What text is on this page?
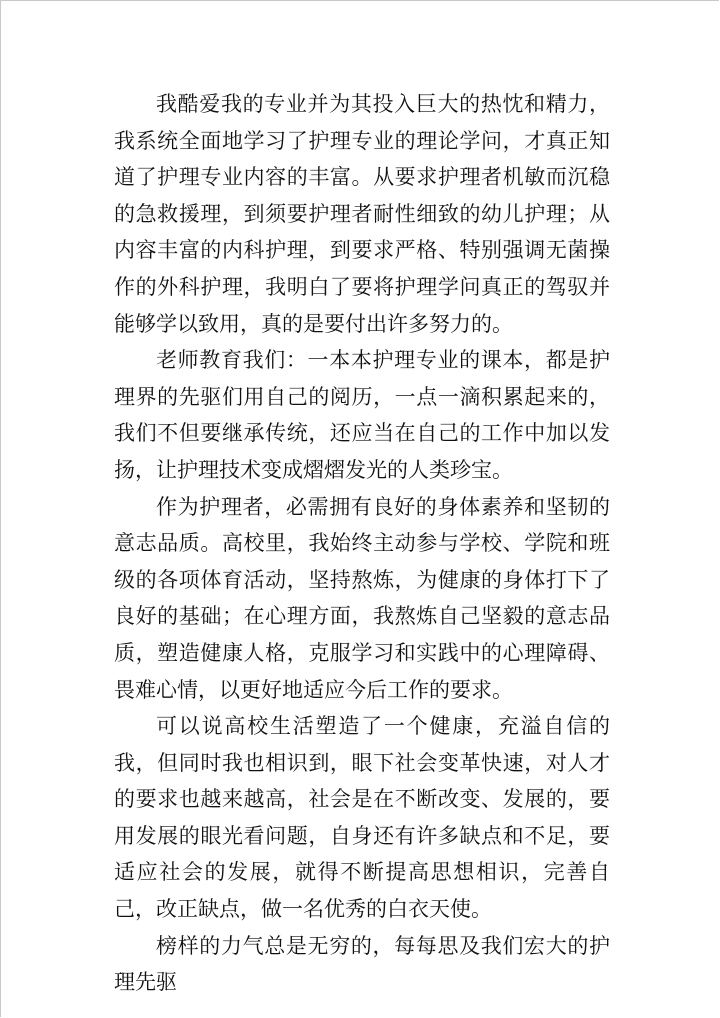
我酷爱我的专业并为其投入巨大的热忱和精力，我系统全面地学习了护理专业的理论学问，才真正知道了护理专业内容的丰富。从要求护理者机敏而沉稳的急救援理，到须要护理者耐性细致的幼儿护理；从内容丰富的内科护理，到要求严格、特别强调无菌操作的外科护理，我明白了要将护理学问真正的驾驭并能够学以致用，真的是要付出许多努力的。

老师教育我们：一本本护理专业的课本，都是护理界的先驱们用自己的阅历，一点一滴积累起来的，我们不但要继承传统，还应当在自己的工作中加以发扬，让护理技术变成熠熠发光的人类珍宝。

作为护理者，必需拥有良好的身体素养和坚韧的意志品质。高校里，我始终主动参与学校、学院和班级的各项体育活动，坚持熬炼，为健康的身体打下了良好的基础；在心理方面，我熬炼自己坚毅的意志品质，塑造健康人格，克服学习和实践中的心理障碍、畏难心情，以更好地适应今后工作的要求。

可以说高校生活塑造了一个健康，充溢自信的我，但同时我也相识到，眼下社会变革快速，对人才的要求也越来越高，社会是在不断改变、发展的，要用发展的眼光看问题，自身还有许多缺点和不足，要适应社会的发展，就得不断提高思想相识，完善自己，改正缺点，做一名优秀的白衣天使。

榜样的力气总是无穷的，每每思及我们宏大的护理先驱
